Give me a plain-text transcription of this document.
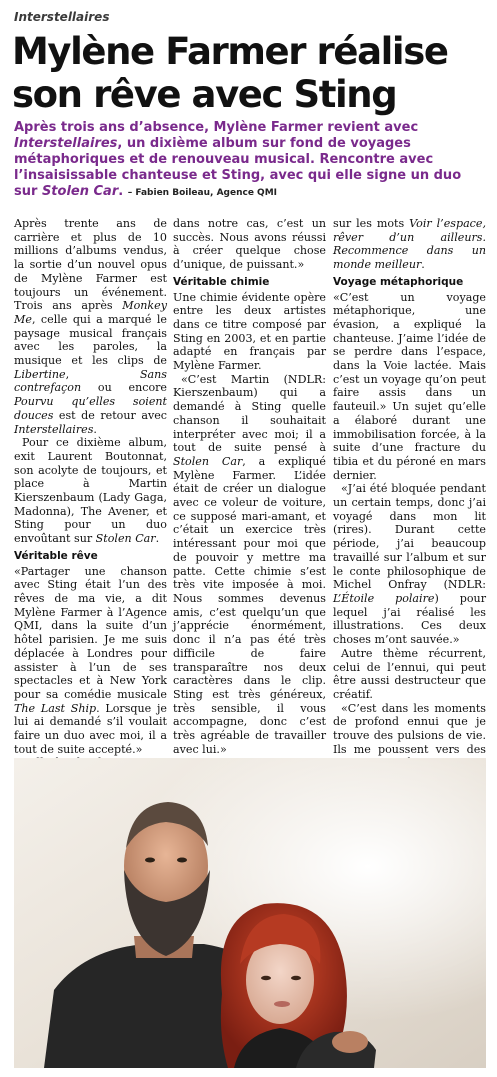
Interstellaires
Mylène Farmer réalise son rêve avec Sting
Après trois ans d’absence, Mylène Farmer revient avec Interstellaires, un dixième album sur fond de voyages métaphoriques et de renouveau musical. Rencontre avec l’insaisissable chanteuse et Sting, avec qui elle signe un duo sur Stolen Car. – Fabien Boileau, Agence QMI

Après trente ans de carrière et plus de 10 millions d’albums vendus, la sortie d’un nouvel opus de Mylène Farmer est toujours un événement. Trois ans après Monkey Me, celle qui a marqué le paysage musical français avec les paroles, la musique et les clips de Libertine, Sans contrefaçon ou encore Pourvu qu’elles soient douces est de retour avec Interstellaires.

Pour ce dixième album, exit Laurent Boutonnat, son acolyte de toujours, et place à Martin Kierszenbaum (Lady Gaga, Madonna), The Avener, et Sting pour un duo envoûtant sur Stolen Car.

Véritable rêve

«Partager une chanson avec Sting était l’un des rêves de ma vie, a dit Mylène Farmer à l’Agence QMI, dans la suite d’un hôtel parisien. Je me suis déplacée à Londres pour assister à l’un de ses spectacles et à New York pour sa comédie musicale The Last Ship. Lorsque je lui ai demandé s’il voulait faire un duo avec moi, il a tout de suite accepté.»

dans notre cas, c’est un succès. Nous avons réussi à créer quelque chose d’unique, de puissant.»

Véritable chimie

Une chimie évidente opère entre les deux artistes dans ce titre composé par Sting en 2003, et en partie adapté en français par Mylène Farmer.

«C’est Martin (NDLR: Kierszenbaum) qui a demandé à Sting quelle chanson il souhaitait interpréter avec moi; il a tout de suite pensé à Stolen Car, a expliqué Mylène Farmer. L’idée était de créer un dialogue avec ce voleur de voiture, ce supposé mari-amant, et c’était un exercice très intéressant pour moi que de pouvoir y mettre ma patte. Cette chimie s’est très vite imposée à moi. Nous sommes devenus amis, c’est quelqu’un que j’apprécie énormément, donc il n’a pas été très difficile de faire transparaître nos deux caractères dans le clip. Sting est très généreux, très sensible, il vous accompagne, donc c’est très agréable de travailler avec lui.»

sur les mots Voir l’espace, rêver d’un ailleurs. Recommence dans un monde meilleur.

Voyage métaphorique

«C’est un voyage métaphorique, une évasion, a expliqué la chanteuse. J’aime l’idée de se perdre dans l’espace, dans la Voie lactée. Mais c’est un voyage qu’on peut faire assis dans un fauteuil.» Un sujet qu’elle a élaboré durant une immobilisation forcée, à la suite d’une fracture du tibia et du péroné en mars dernier.

«J’ai été bloquée pendant un certain temps, donc j’ai voyagé dans mon lit (rires). Durant cette période, j’ai beaucoup travaillé sur l’album et sur le conte philosophique de Michel Onfray (NDLR: L’Étoile polaire) pour lequel j’ai réalisé les illustrations. Ces deux choses m’ont sauvée.»

Autre thème récurrent, celui de l’ennui, qui peut être aussi destructeur que créatif.

«C’est dans les moments de profond ennui que je trouve des pulsions de vie. Ils me poussent vers des
